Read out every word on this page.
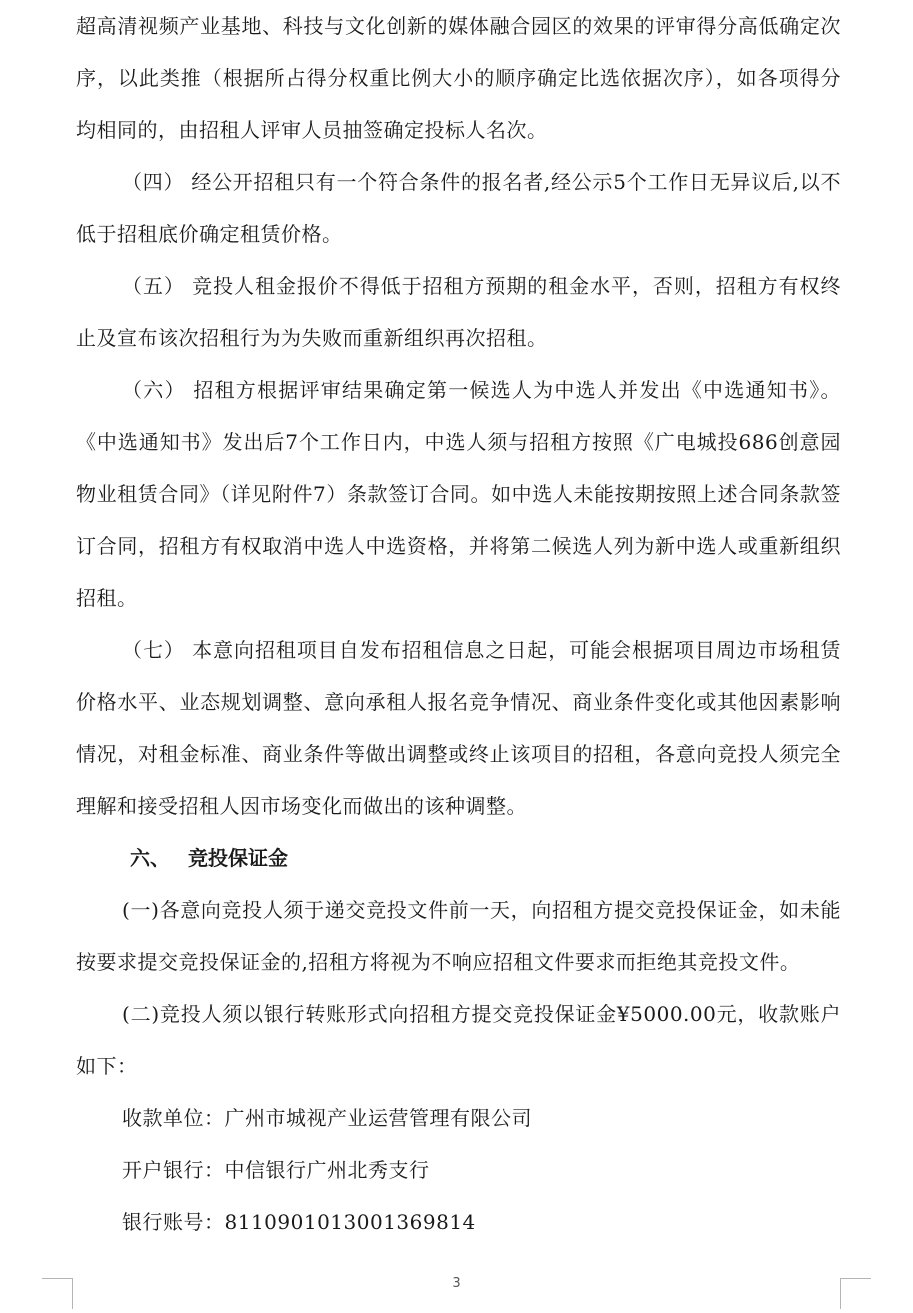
超高清视频产业基地、科技与文化创新的媒体融合园区的效果的评审得分高低确定次序，以此类推（根据所占得分权重比例大小的顺序确定比选依据次序），如各项得分均相同的，由招租人评审人员抽签确定投标人名次。

（四） 经公开招租只有一个符合条件的报名者,经公示5个工作日无异议后,以不低于招租底价确定租赁价格。

（五） 竞投人租金报价不得低于招租方预期的租金水平，否则，招租方有权终止及宣布该次招租行为为失败而重新组织再次招租。

（六） 招租方根据评审结果确定第一候选人为中选人并发出《中选通知书》。《中选通知书》发出后7个工作日内，中选人须与招租方按照《广电城投686创意园物业租赁合同》（详见附件7）条款签订合同。如中选人未能按期按照上述合同条款签订合同，招租方有权取消中选人中选资格，并将第二候选人列为新中选人或重新组织招租。

（七） 本意向招租项目自发布招租信息之日起，可能会根据项目周边市场租赁价格水平、业态规划调整、意向承租人报名竞争情况、商业条件变化或其他因素影响情况，对租金标准、商业条件等做出调整或终止该项目的招租，各意向竞投人须完全理解和接受招租人因市场变化而做出的该种调整。

六、 竞投保证金

(一)各意向竞投人须于递交竞投文件前一天，向招租方提交竞投保证金，如未能按要求提交竞投保证金的,招租方将视为不响应招租文件要求而拒绝其竞投文件。

(二)竞投人须以银行转账形式向招租方提交竞投保证金¥5000.00元，收款账户如下：

收款单位：广州市城视产业运营管理有限公司

开户银行：中信银行广州北秀支行

银行账号：8110901013001369814

3
